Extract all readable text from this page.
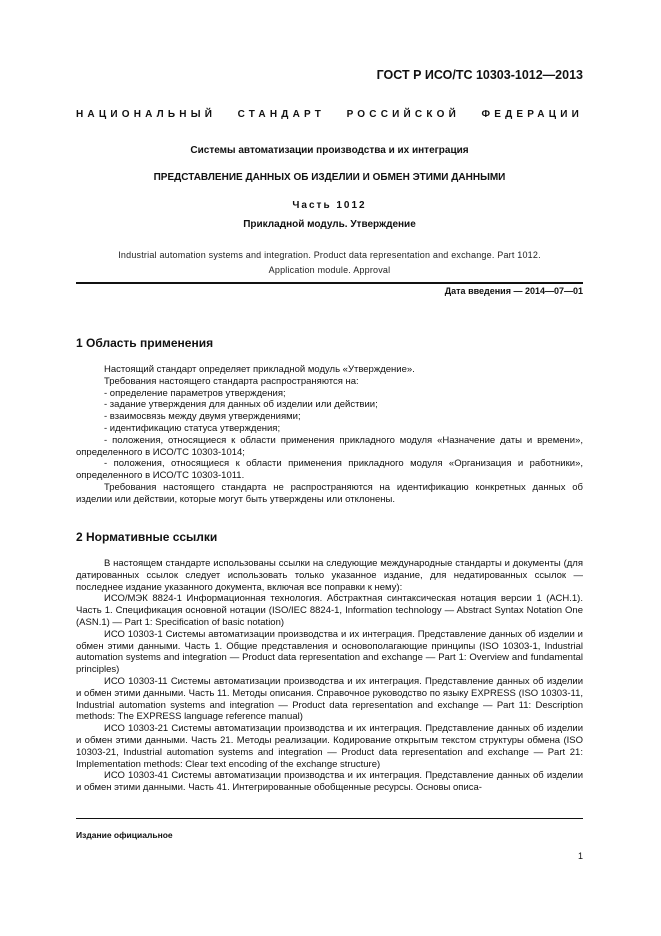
ГОСТ Р ИСО/ТС 10303-1012—2013
НАЦИОНАЛЬНЫЙ СТАНДАРТ РОССИЙСКОЙ ФЕДЕРАЦИИ
Системы автоматизации производства и их интеграция
ПРЕДСТАВЛЕНИЕ ДАННЫХ ОБ ИЗДЕЛИИ И ОБМЕН ЭТИМИ ДАННЫМИ
Часть 1012
Прикладной модуль. Утверждение
Industrial automation systems and integration. Product data representation and exchange. Part 1012.
Application module. Approval
Дата введения — 2014—07—01
1 Область применения

Настоящий стандарт определяет прикладной модуль «Утверждение».

Требования настоящего стандарта распространяются на:

- определение параметров утверждения;

- задание утверждения для данных об изделии или действии;

- взаимосвязь между двумя утверждениями;

- идентификацию статуса утверждения;

- положения, относящиеся к области применения прикладного модуля «Назначение даты и времени», определенного в ИСО/ТС 10303-1014;

- положения, относящиеся к области применения прикладного модуля «Организация и работники», определенного в ИСО/ТС 10303-1011.

Требования настоящего стандарта не распространяются на идентификацию конкретных данных об изделии или действии, которые могут быть утверждены или отклонены.

2 Нормативные ссылки

В настоящем стандарте использованы ссылки на следующие международные стандарты и документы (для датированных ссылок следует использовать только указанное издание, для недатированных ссылок — последнее издание указанного документа, включая все поправки к нему):

ИСО/МЭК 8824-1 Информационная технология. Абстрактная синтаксическая нотация версии 1 (АСН.1). Часть 1. Спецификация основной нотации (ISO/IEC 8824-1, Information technology — Abstract Syntax Notation One (ASN.1) — Part 1: Specification of basic notation)

ИСО 10303-1 Системы автоматизации производства и их интеграция. Представление данных об изделии и обмен этими данными. Часть 1. Общие представления и основополагающие принципы (ISO 10303-1, Industrial automation systems and integration — Product data representation and exchange — Part 1: Overview and fundamental principles)

ИСО 10303-11 Системы автоматизации производства и их интеграция. Представление данных об изделии и обмен этими данными. Часть 11. Методы описания. Справочное руководство по языку EXPRESS (ISO 10303-11, Industrial automation systems and integration — Product data representation and exchange — Part 11: Description methods: The EXPRESS language reference manual)

ИСО 10303-21 Системы автоматизации производства и их интеграция. Представление данных об изделии и обмен этими данными. Часть 21. Методы реализации. Кодирование открытым текстом структуры обмена (ISO 10303-21, Industrial automation systems and integration — Product data representation and exchange — Part 21: Implementation methods: Clear text encoding of the exchange structure)

ИСО 10303-41 Системы автоматизации производства и их интеграция. Представление данных об изделии и обмен этими данными. Часть 41. Интегрированные обобщенные ресурсы. Основы описа-

Издание официальное
1
